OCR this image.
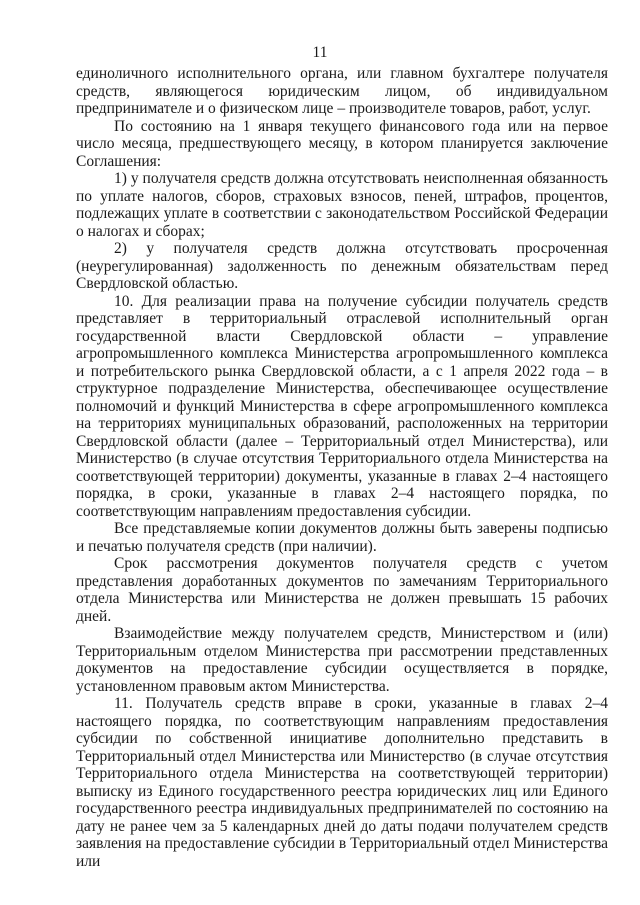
11

единоличного исполнительного органа, или главном бухгалтере получателя средств, являющегося юридическим лицом, об индивидуальном предпринимателе и о физическом лице – производителе товаров, работ, услуг.

По состоянию на 1 января текущего финансового года или на первое число месяца, предшествующего месяцу, в котором планируется заключение Соглашения:

1) у получателя средств должна отсутствовать неисполненная обязанность по уплате налогов, сборов, страховых взносов, пеней, штрафов, процентов, подлежащих уплате в соответствии с законодательством Российской Федерации о налогах и сборах;

2) у получателя средств должна отсутствовать просроченная (неурегулированная) задолженность по денежным обязательствам перед Свердловской областью.

10. Для реализации права на получение субсидии получатель средств представляет в территориальный отраслевой исполнительный орган государственной власти Свердловской области – управление агропромышленного комплекса Министерства агропромышленного комплекса и потребительского рынка Свердловской области, а с 1 апреля 2022 года – в структурное подразделение Министерства, обеспечивающее осуществление полномочий и функций Министерства в сфере агропромышленного комплекса на территориях муниципальных образований, расположенных на территории Свердловской области (далее – Территориальный отдел Министерства), или Министерство (в случае отсутствия Территориального отдела Министерства на соответствующей территории) документы, указанные в главах 2–4 настоящего порядка, в сроки, указанные в главах 2–4 настоящего порядка, по соответствующим направлениям предоставления субсидии.

Все представляемые копии документов должны быть заверены подписью и печатью получателя средств (при наличии).

Срок рассмотрения документов получателя средств с учетом представления доработанных документов по замечаниям Территориального отдела Министерства или Министерства не должен превышать 15 рабочих дней.

Взаимодействие между получателем средств, Министерством и (или) Территориальным отделом Министерства при рассмотрении представленных документов на предоставление субсидии осуществляется в порядке, установленном правовым актом Министерства.

11. Получатель средств вправе в сроки, указанные в главах 2–4 настоящего порядка, по соответствующим направлениям предоставления субсидии по собственной инициативе дополнительно представить в Территориальный отдел Министерства или Министерство (в случае отсутствия Территориального отдела Министерства на соответствующей территории) выписку из Единого государственного реестра юридических лиц или Единого государственного реестра индивидуальных предпринимателей по состоянию на дату не ранее чем за 5 календарных дней до даты подачи получателем средств заявления на предоставление субсидии в Территориальный отдел Министерства или
